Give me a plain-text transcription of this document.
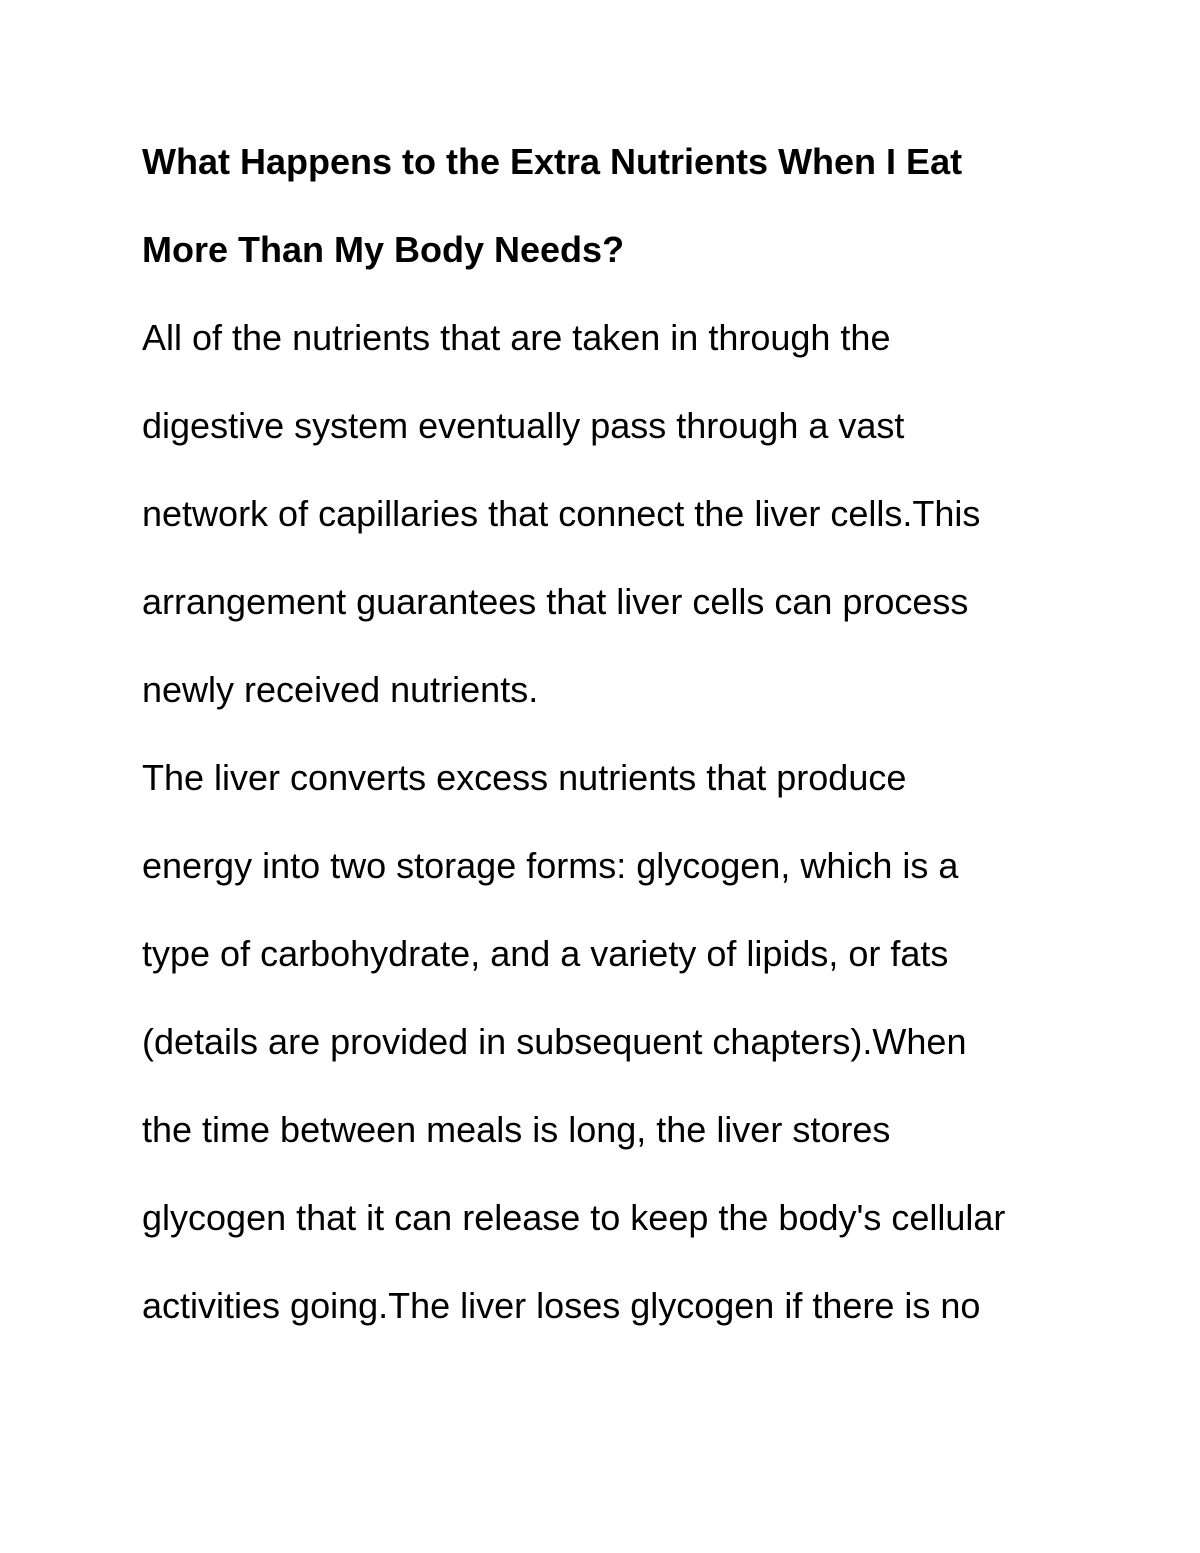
What Happens to the Extra Nutrients When I Eat
More Than My Body Needs?
All of the nutrients that are taken in through the
digestive system eventually pass through a vast
network of capillaries that connect the liver cells.This
arrangement guarantees that liver cells can process
newly received nutrients.
The liver converts excess nutrients that produce
energy into two storage forms: glycogen, which is a
type of carbohydrate, and a variety of lipids, or fats
(details are provided in subsequent chapters).When
the time between meals is long, the liver stores
glycogen that it can release to keep the body's cellular
activities going.The liver loses glycogen if there is no
